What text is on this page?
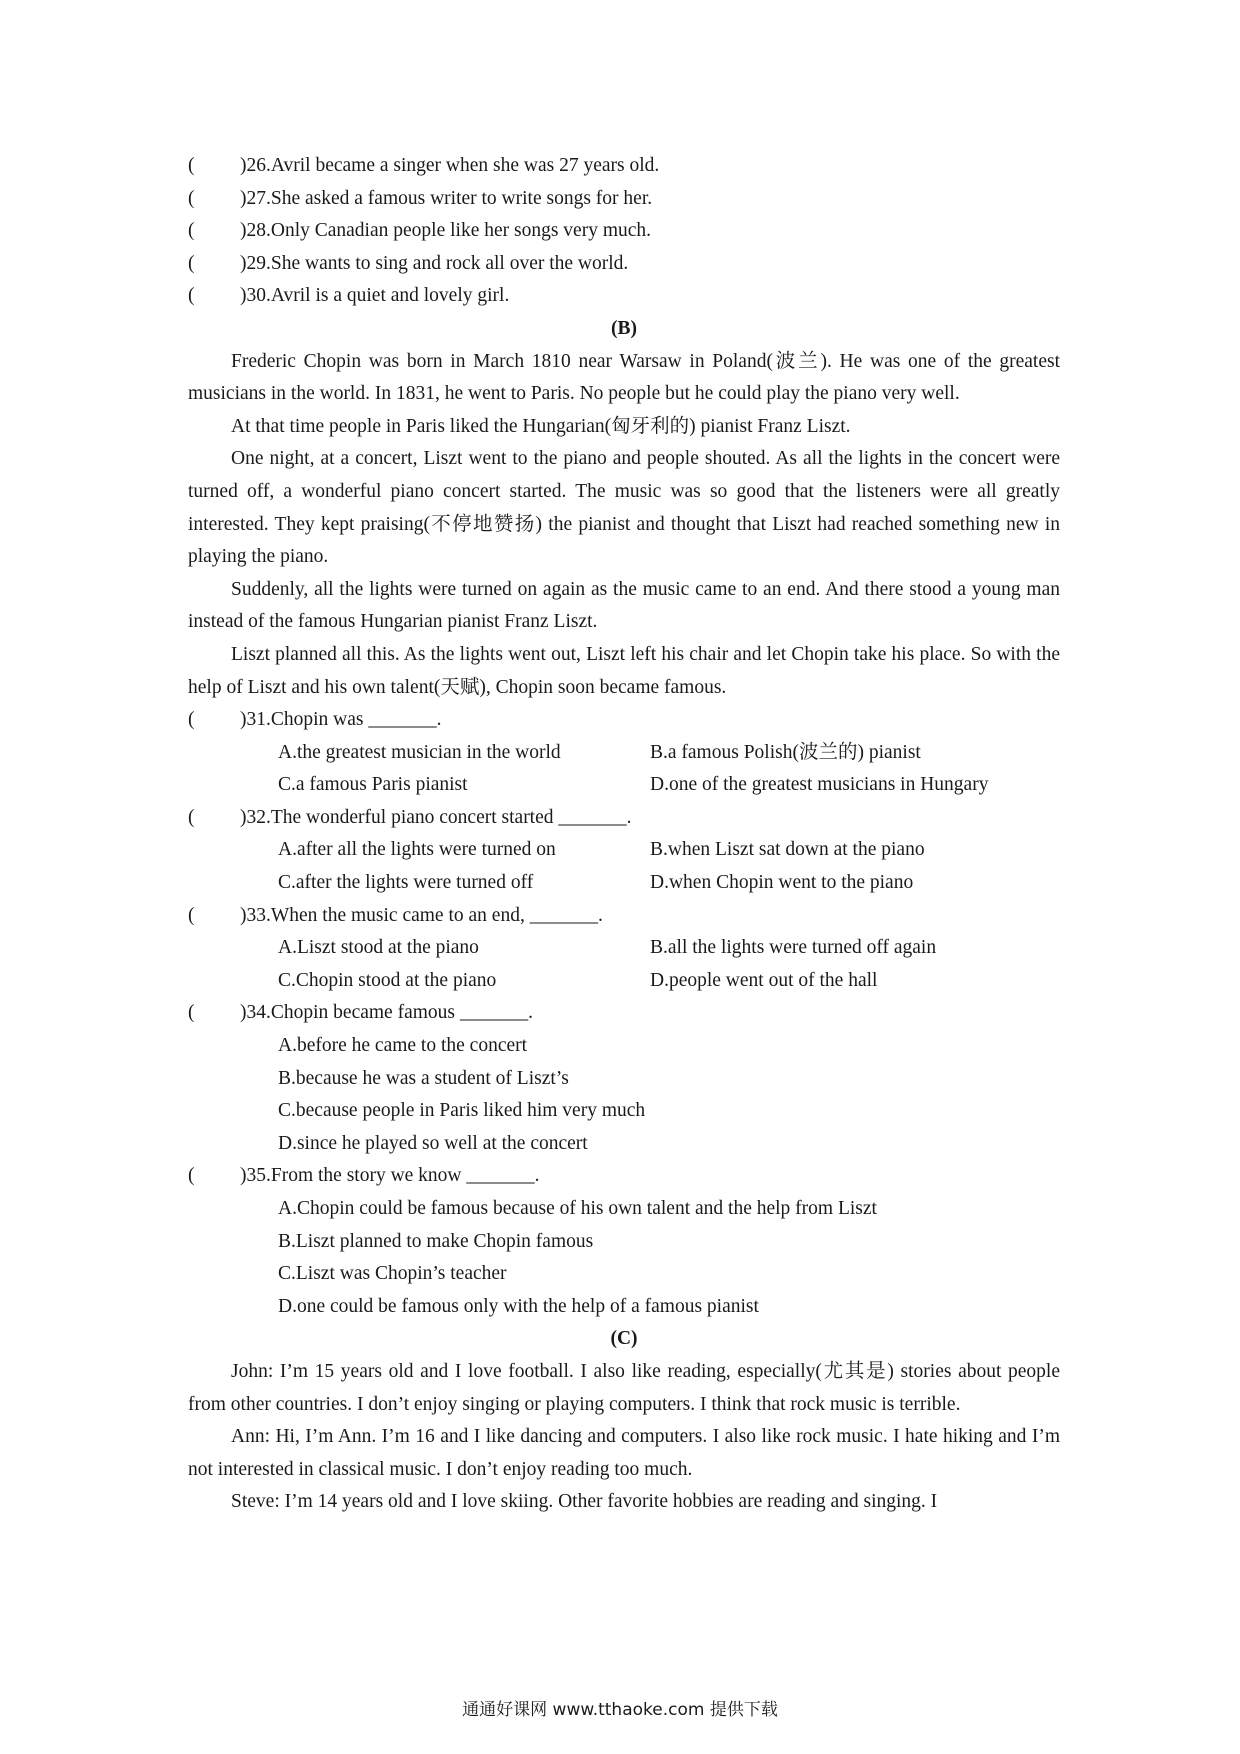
( )26.Avril became a singer when she was 27 years old.
( )27.She asked a famous writer to write songs for her.
( )28.Only Canadian people like her songs very much.
( )29.She wants to sing and rock all over the world.
( )30.Avril is a quiet and lovely girl.
(B)
Frederic Chopin was born in March 1810 near Warsaw in Poland(波兰). He was one of the greatest musicians in the world. In 1831, he went to Paris. No people but he could play the piano very well.
At that time people in Paris liked the Hungarian(匈牙利的) pianist Franz Liszt.
One night, at a concert, Liszt went to the piano and people shouted. As all the lights in the concert were turned off, a wonderful piano concert started. The music was so good that the listeners were all greatly interested. They kept praising(不停地赞扬) the pianist and thought that Liszt had reached something new in playing the piano.
Suddenly, all the lights were turned on again as the music came to an end. And there stood a young man instead of the famous Hungarian pianist Franz Liszt.
Liszt planned all this. As the lights went out, Liszt left his chair and let Chopin take his place. So with the help of Liszt and his own talent(天赋), Chopin soon became famous.
( )31.Chopin was _______.
A.the greatest musician in the world	B.a famous Polish(波兰的) pianist
C.a famous Paris pianist	D.one of the greatest musicians in Hungary
( )32.The wonderful piano concert started _______.
A.after all the lights were turned on	B.when Liszt sat down at the piano
C.after the lights were turned off	D.when Chopin went to the piano
( )33.When the music came to an end, _______.
A.Liszt stood at the piano	B.all the lights were turned off again
C.Chopin stood at the piano	D.people went out of the hall
( )34.Chopin became famous _______.
A.before he came to the concert
B.because he was a student of Liszt’s
C.because people in Paris liked him very much
D.since he played so well at the concert
( )35.From the story we know _______.
A.Chopin could be famous because of his own talent and the help from Liszt
B.Liszt planned to make Chopin famous
C.Liszt was Chopin’s teacher
D.one could be famous only with the help of a famous pianist
(C)
John: I’m 15 years old and I love football. I also like reading, especially(尤其是) stories about people from other countries. I don’t enjoy singing or playing computers. I think that rock music is terrible.
Ann: Hi, I’m Ann. I’m 16 and I like dancing and computers. I also like rock music. I hate hiking and I’m not interested in classical music. I don’t enjoy reading too much.
Steve: I’m 14 years old and I love skiing. Other favorite hobbies are reading and singing. I
通通好课网 www.tthaoke.com 提供下载
